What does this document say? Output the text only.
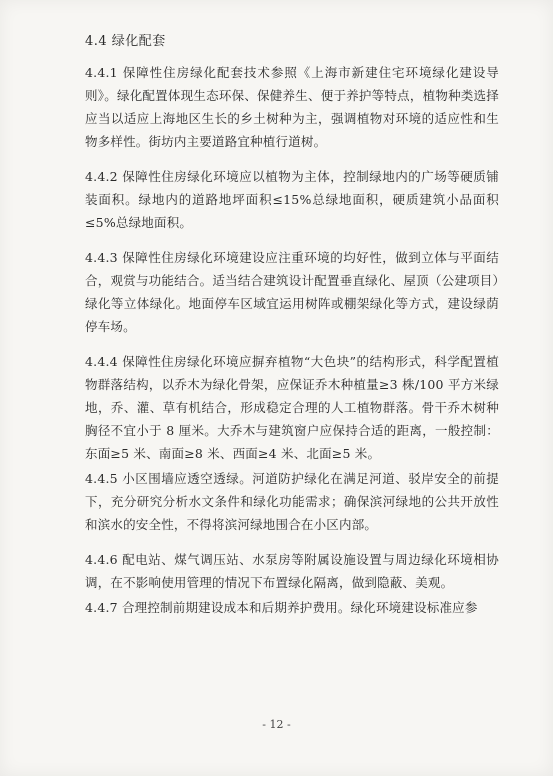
4.4 绿化配套

4.4.1 保障性住房绿化配套技术参照《上海市新建住宅环境绿化建设导则》。绿化配置体现生态环保、保健养生、便于养护等特点，植物种类选择应当以适应上海地区生长的乡土树种为主，强调植物对环境的适应性和生物多样性。街坊内主要道路宜种植行道树。

4.4.2 保障性住房绿化环境应以植物为主体，控制绿地内的广场等硬质铺装面积。绿地内的道路地坪面积≤15%总绿地面积，硬质建筑小品面积≤5%总绿地面积。

4.4.3 保障性住房绿化环境建设应注重环境的均好性，做到立体与平面结合，观赏与功能结合。适当结合建筑设计配置垂直绿化、屋顶（公建项目）绿化等立体绿化。地面停车区域宜运用树阵或棚架绿化等方式，建设绿荫停车场。

4.4.4 保障性住房绿化环境应摒弃植物“大色块”的结构形式，科学配置植物群落结构，以乔木为绿化骨架，应保证乔木种植量≥3 株/100 平方米绿地，乔、灌、草有机结合，形成稳定合理的人工植物群落。骨干乔木树种胸径不宜小于 8 厘米。大乔木与建筑窗户应保持合适的距离，一般控制：东面≥5 米、南面≥8 米、西面≥4 米、北面≥5 米。

4.4.5 小区围墙应透空透绿。河道防护绿化在满足河道、驳岸安全的前提下，充分研究分析水文条件和绿化功能需求；确保滨河绿地的公共开放性和滨水的安全性，不得将滨河绿地围合在小区内部。

4.4.6 配电站、煤气调压站、水泵房等附属设施设置与周边绿化环境相协调，在不影响使用管理的情况下布置绿化隔离，做到隐蔽、美观。

4.4.7 合理控制前期建设成本和后期养护费用。绿化环境建设标准应参

- 12 -
